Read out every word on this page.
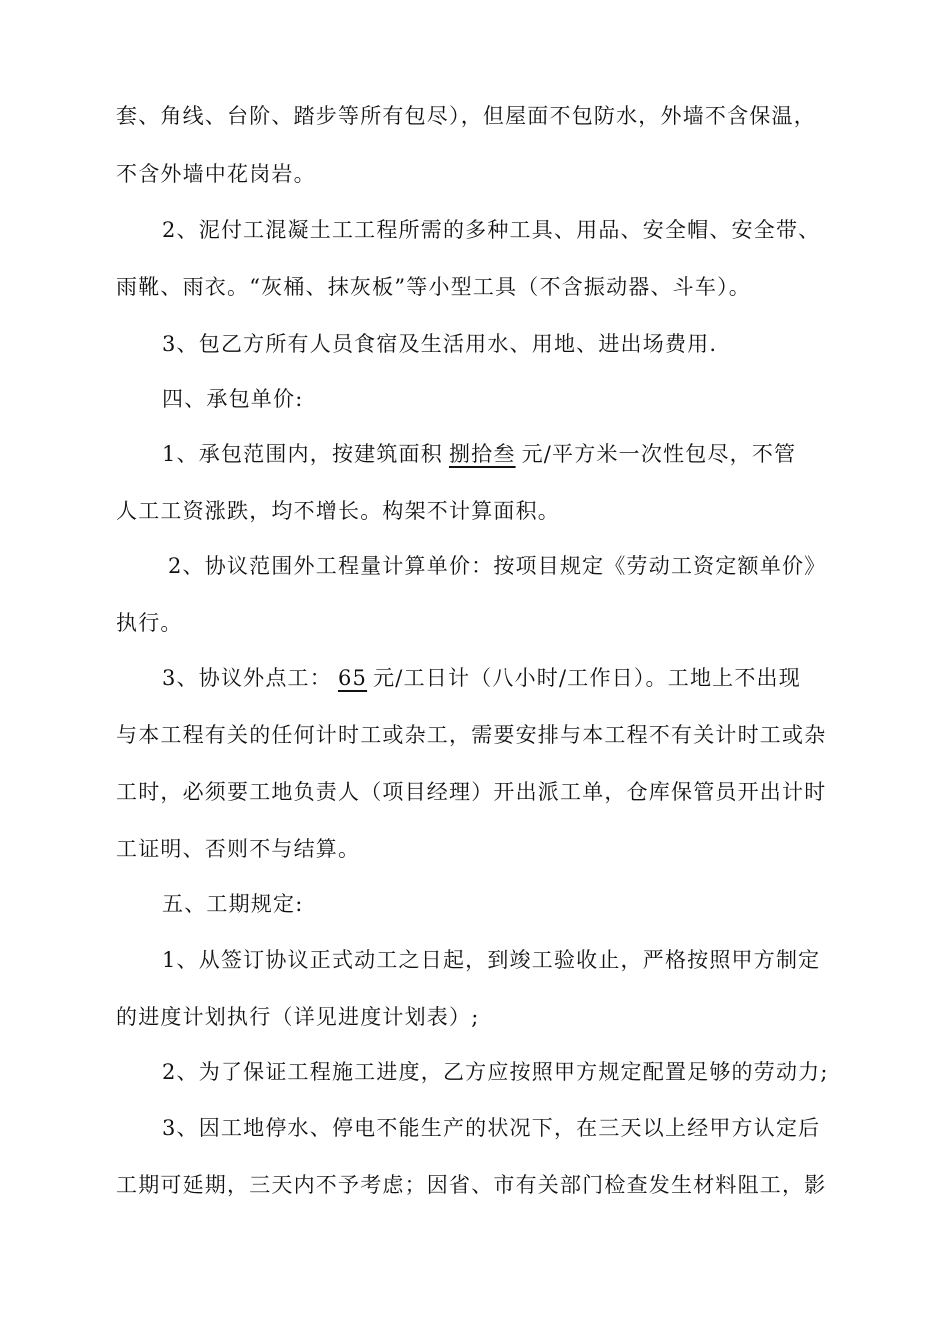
套、角线、台阶、踏步等所有包尽），但屋面不包防水，外墙不含保温，
不含外墙中花岗岩。
2、泥付工混凝土工工程所需的多种工具、用品、安全帽、安全带、
雨靴、雨衣。“灰桶、抹灰板”等小型工具（不含振动器、斗车）。
3、包乙方所有人员食宿及生活用水、用地、进出场费用.
四、承包单价:
1、承包范围内，按建筑面积 捌拾叁 元/平方米一次性包尽，不管
人工工资涨跌，均不增长。构架不计算面积。
2、协议范围外工程量计算单价：按项目规定《劳动工资定额单价》
执行。
3、协议外点工： 65 元/工日计（八小时/工作日）。工地上不出现
与本工程有关的任何计时工或杂工，需要安排与本工程不有关计时工或杂
工时，必须要工地负责人（项目经理）开出派工单，仓库保管员开出计时
工证明、否则不与结算。
五、工期规定:
1、从签订协议正式动工之日起，到竣工验收止，严格按照甲方制定
的进度计划执行（详见进度计划表）;
2、为了保证工程施工进度，乙方应按照甲方规定配置足够的劳动力;
3、因工地停水、停电不能生产的状况下，在三天以上经甲方认定后
工期可延期，三天内不予考虑；因省、市有关部门检查发生材料阻工，影
